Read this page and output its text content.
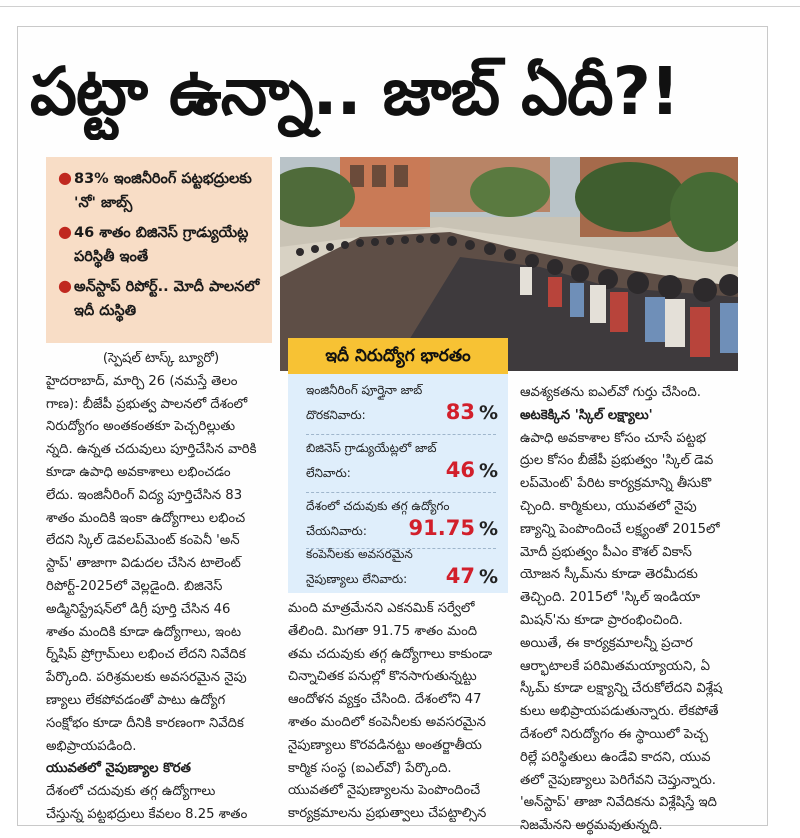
పట్టా ఉన్నా.. జాబ్ ఏదీ?!
● 83% ఇంజినీరింగ్ పట్టభద్రులకు 'నో' జాబ్స్
● 46 శాతం బిజినెస్ గ్రాడ్యుయేట్ల పరిస్థితీ ఇంతే
● అన్‌స్టాప్ రిపోర్ట్.. మోదీ పాలనలో ఇదీ దుస్థితి
ఇదీ నిరుద్యోగ భారతం
ఇంజినీరింగ్ పూర్తైనా జాబ్
దొరకనివారు:	83 %
బిజినెస్ గ్రాడ్యుయేట్లలో జాబ్
లేనివారు:	46 %
దేశంలో చదువుకు తగ్గ ఉద్యోగం
చేయనివారు: 91.75 %
కంపెనీలకు అవసరమైన
నైపుణ్యాలు లేనివారు: 47 %

(స్పెషల్ టాస్క్ బ్యూరో)

హైదరాబాద్, మార్చి 26 (నమస్తే తెలం

గాణ): బీజేపీ ప్రభుత్వ పాలనలో దేశంలో

నిరుద్యోగం అంతకంతకూ పెచ్చరిల్లుతు

న్నది. ఉన్నత చదువులు పూర్తిచేసిన వారికి

కూడా ఉపాధి అవకాశాలు లభించడం

లేదు. ఇంజినీరింగ్ విద్య పూర్తిచేసిన 83

శాతం మందికి ఇంకా ఉద్యోగాలు లభించ

లేదని స్కిల్ డెవలప్‌మెంట్ కంపెనీ 'అన్

స్టాప్' తాజాగా విడుదల చేసిన టాలెంట్

రిపోర్ట్-2025లో వెల్లడైంది. బిజినెస్

అడ్మినిస్ట్రేషన్‌లో డిగ్రీ పూర్తి చేసిన 46

శాతం మందికి కూడా ఉద్యోగాలు, ఇంట

ర్న్‌షిప్ ప్రోగ్రామ్‌లు లభించ లేదని నివేదిక

పేర్కొంది. పరిశ్రమలకు అవసరమైన నైపు

ణ్యాలు లేకపోవడంతో పాటు ఉద్యోగ

సంక్షోభం కూడా దీనికి కారణంగా నివేదిక

అభిప్రాయపడింది.

యువతలో నైపుణ్యాల కొరత

దేశంలో చదువుకు తగ్గ ఉద్యోగాలు

చేస్తున్న పట్టభద్రులు కేవలం 8.25 శాతం

మంది మాత్రమేనని ఎకనమిక్ సర్వేలో

తేలింది. మిగతా 91.75 శాతం మంది

తమ చదువుకు తగ్గ ఉద్యోగాలు కాకుండా

చిన్నాచితక పనుల్లో కొనసాగుతున్నట్టు

ఆందోళన వ్యక్తం చేసింది. దేశంలోని 47

శాతం మందిలో కంపెనీలకు అవసరమైన

నైపుణ్యాలు కొరవడినట్టు అంతర్జాతీయ

కార్మిక సంస్థ (ఐఎల్‌వో) పేర్కొంది.

యువతలో నైపుణ్యాలను పెంపొందించే

కార్యక్రమాలను ప్రభుత్వాలు చేపట్టాల్సిన

ఆవశ్యకతను ఐఎల్‌వో గుర్తు చేసింది.

అటకెక్కిన 'స్కిల్ లక్ష్యాలు'

ఉపాధి అవకాశాల కోసం చూసే పట్టభ

ద్రుల కోసం బీజేపీ ప్రభుత్వం 'స్కిల్ డెవ

లప్‌మెంట్' పేరిట కార్యక్రమాన్ని తీసుకొ

చ్చింది. కార్మికులు, యువతలో నైపు

ణ్యాన్ని పెంపొందించే లక్ష్యంతో 2015లో

మోదీ ప్రభుత్వం పీఎం కౌశల్ వికాస్

యోజన స్కీమ్‌ను కూడా తెరమీదకు

తెచ్చింది. 2015లో 'స్కిల్ ఇండియా

మిషన్'ను కూడా ప్రారంభించింది.

అయితే, ఈ కార్యక్రమాలన్నీ ప్రచార

ఆర్భాటాలకే పరిమితమయ్యాయని, ఏ

స్కీమ్ కూడా లక్ష్యాన్ని చేరుకోలేదని విశ్లేష

కులు అభిప్రాయపడుతున్నారు. లేకపోతే

దేశంలో నిరుద్యోగం ఈ స్థాయిలో పెచ్చ

రిల్లే పరిస్థితులు ఉండేవి కాదని, యువ

తలో నైపుణ్యాలు పెరిగేవని చెప్తున్నారు.

'అన్‌స్టాప్' తాజా నివేదికను విశ్లేషిస్తే ఇది

నిజమేనని అర్థమవుతున్నది.
